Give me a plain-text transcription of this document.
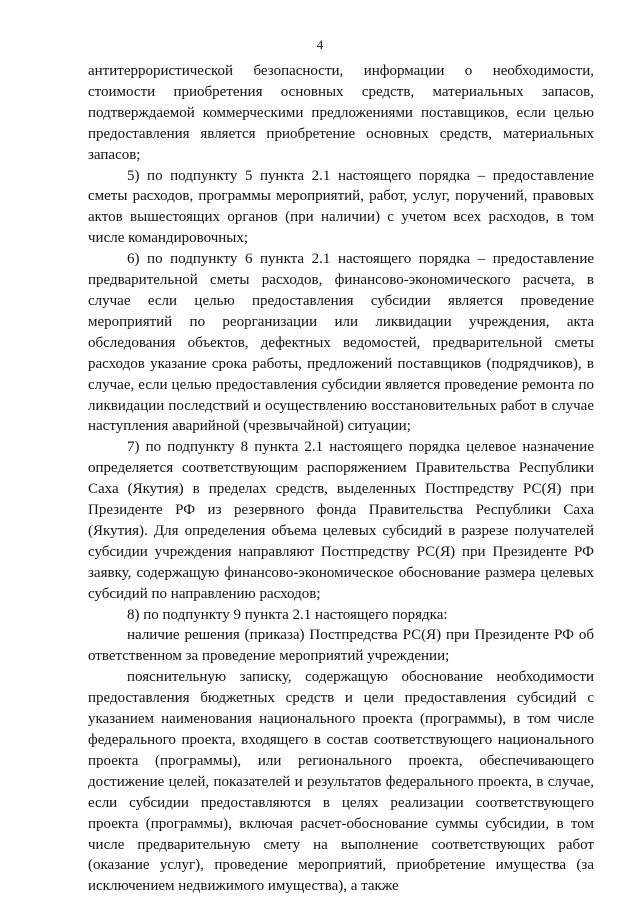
4

антитеррористической безопасности, информации о необходимости, стоимости приобретения основных средств, материальных запасов, подтверждаемой коммерческими предложениями поставщиков, если целью предоставления является приобретение основных средств, материальных запасов;

5) по подпункту 5 пункта 2.1 настоящего порядка – предоставление сметы расходов, программы мероприятий, работ, услуг, поручений, правовых актов вышестоящих органов (при наличии) с учетом всех расходов, в том числе командировочных;

6) по подпункту 6 пункта 2.1 настоящего порядка – предоставление предварительной сметы расходов, финансово-экономического расчета, в случае если целью предоставления субсидии является проведение мероприятий по реорганизации или ликвидации учреждения, акта обследования объектов, дефектных ведомостей, предварительной сметы расходов указание срока работы, предложений поставщиков (подрядчиков), в случае, если целью предоставления субсидии является проведение ремонта по ликвидации последствий и осуществлению восстановительных работ в случае наступления аварийной (чрезвычайной) ситуации;

7) по подпункту 8 пункта 2.1 настоящего порядка целевое назначение определяется соответствующим распоряжением Правительства Республики Саха (Якутия) в пределах средств, выделенных Постпредству РС(Я) при Президенте РФ из резервного фонда Правительства Республики Саха (Якутия). Для определения объема целевых субсидий в разрезе получателей субсидии учреждения направляют Постпредству РС(Я) при Президенте РФ заявку, содержащую финансово-экономическое обоснование размера целевых субсидий по направлению расходов;

8) по подпункту 9 пункта 2.1 настоящего порядка:

наличие решения (приказа) Постпредства РС(Я) при Президенте РФ об ответственном за проведение мероприятий учреждении;

пояснительную записку, содержащую обоснование необходимости предоставления бюджетных средств и цели предоставления субсидий с указанием наименования национального проекта (программы), в том числе федерального проекта, входящего в состав соответствующего национального проекта (программы), или регионального проекта, обеспечивающего достижение целей, показателей и результатов федерального проекта, в случае, если субсидии предоставляются в целях реализации соответствующего проекта (программы), включая расчет-обоснование суммы субсидии, в том числе предварительную смету на выполнение соответствующих работ (оказание услуг), проведение мероприятий, приобретение имущества (за исключением недвижимого имущества), а также
